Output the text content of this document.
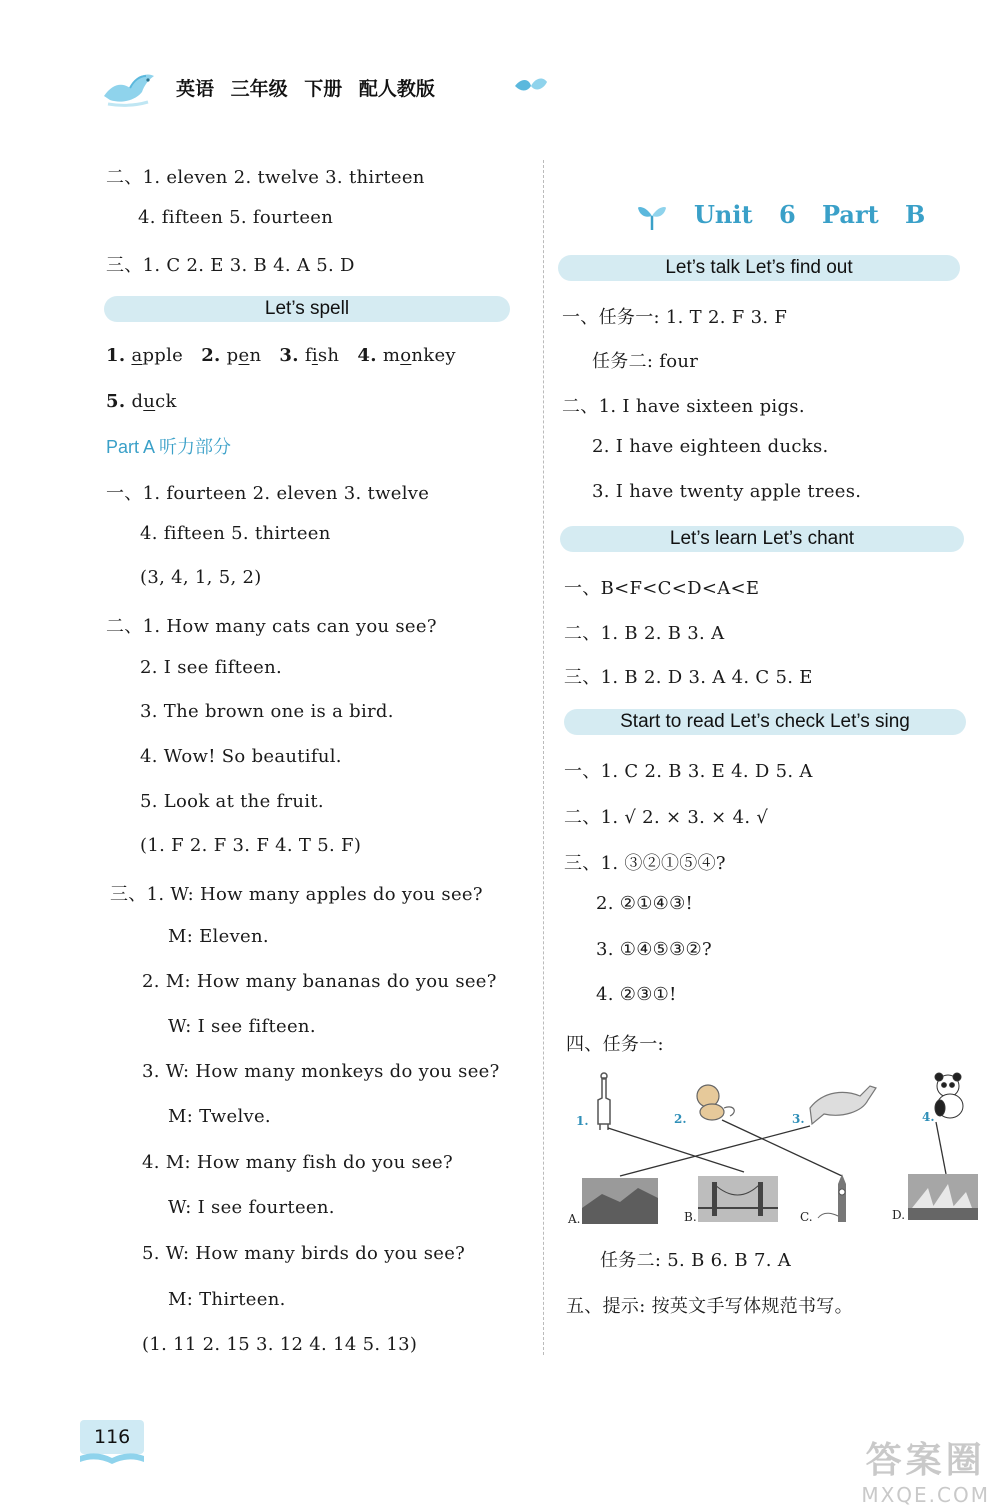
英语 三年级 下册 配人教版
二、1. eleven 2. twelve 3. thirteen
4. fifteen 5. fourteen
三、1. C 2. E 3. B 4. A 5. D
Let’s spell
1. apple 2. pen 3. fish 4. monkey
5. duck
Part A 听力部分
一、1. fourteen 2. eleven 3. twelve
4. fifteen 5. thirteen
(3, 4, 1, 5, 2)
二、1. How many cats can you see?
2. I see fifteen.
3. The brown one is a bird.
4. Wow! So beautiful.
5. Look at the fruit.
(1. F 2. F 3. F 4. T 5. F)
三、1. W: How many apples do you see?
M: Eleven.
2. M: How many bananas do you see?
W: I see fifteen.
3. W: How many monkeys do you see?
M: Twelve.
4. M: How many fish do you see?
W: I see fourteen.
5. W: How many birds do you see?
M: Thirteen.
(1. 11 2. 15 3. 12 4. 14 5. 13)
Unit 6 Part B
Let’s talk Let’s find out
一、任务一: 1. T 2. F 3. F
任务二: four
二、1. I have sixteen pigs.
2. I have eighteen ducks.
3. I have twenty apple trees.
Let’s learn Let’s chant
一、B<F<C<D<A<E
二、1. B 2. B 3. A
三、1. B 2. D 3. A 4. C 5. E
Start to read Let’s check Let’s sing
一、1. C 2. B 3. E 4. D 5. A
二、1. √ 2. × 3. × 4. √
三、1. ③②①⑤④?
2. ②①④③!
3. ①④⑤③②?
4. ②③①!
四、任务一:
1.	2.	3.	4.
A.	B.	C.	D.
任务二: 5. B 6. B 7. A
五、提示: 按英文手写体规范书写。
116
答案圈
MXQE.COM
